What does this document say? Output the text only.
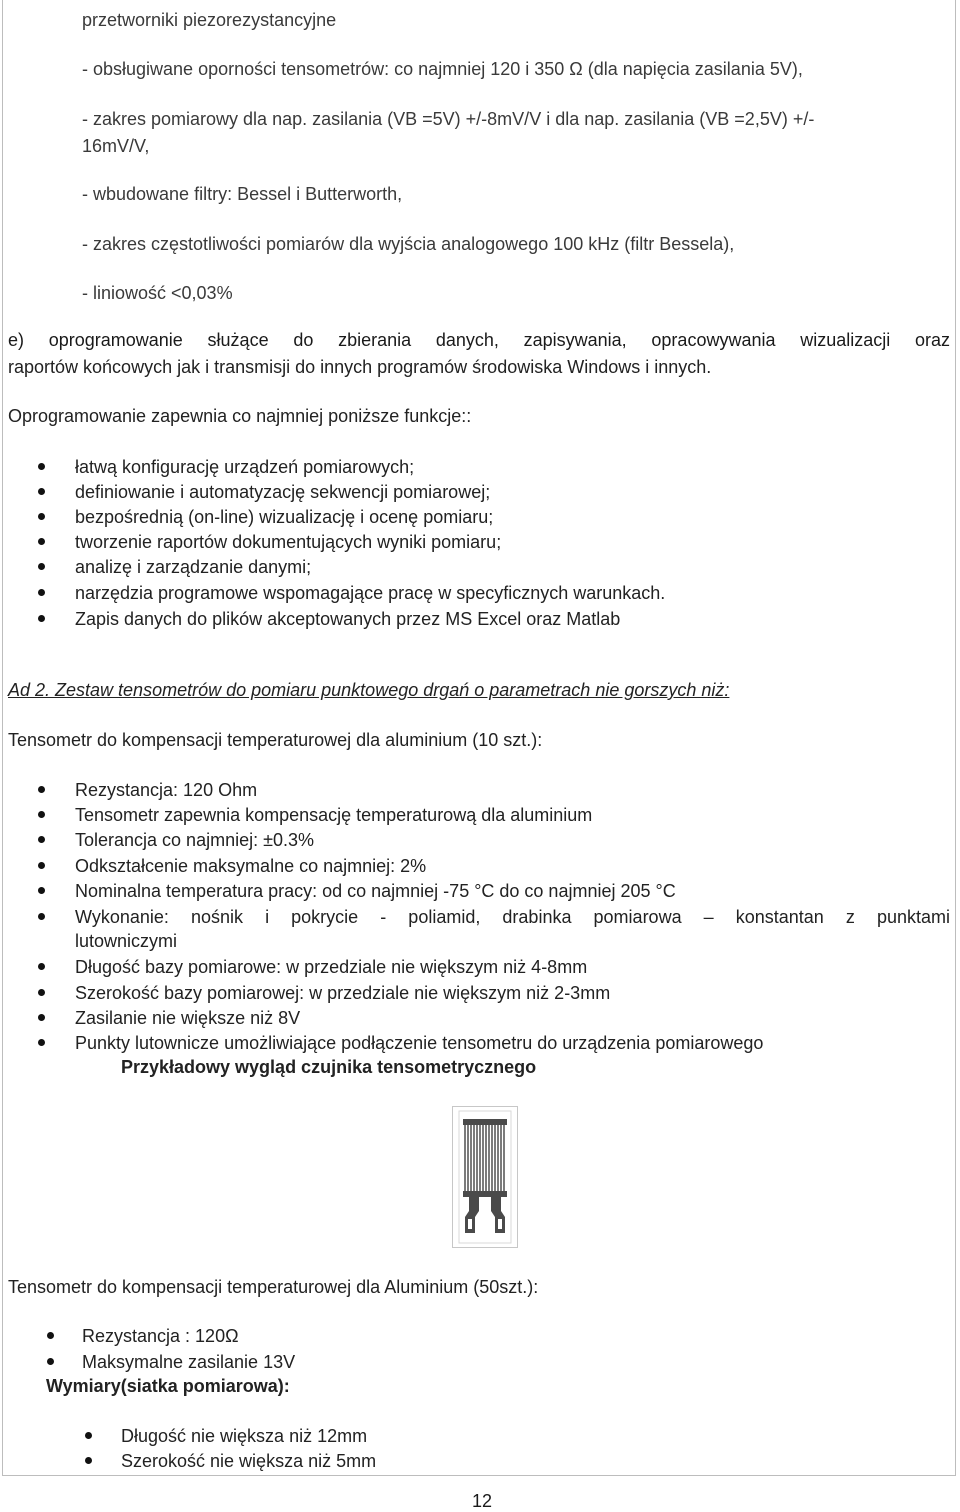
przetworniki piezorezystancyjne
- obsługiwane oporności tensometrów: co najmniej 120 i 350 Ω (dla napięcia zasilania 5V),
- zakres pomiarowy dla nap. zasilania (VB =5V) +/-8mV/V i dla nap. zasilania (VB =2,5V) +/-
16mV/V,
- wbudowane filtry: Bessel i Butterworth,
- zakres częstotliwości pomiarów dla wyjścia analogowego 100 kHz (filtr Bessela),
- liniowość <0,03%
e) oprogramowanie służące do zbierania danych, zapisywania, opracowywania wizualizacji oraz
raportów końcowych jak i transmisji do innych programów środowiska Windows i innych.
Oprogramowanie zapewnia co najmniej poniższe funkcje::
łatwą konfigurację urządzeń pomiarowych;
definiowanie i automatyzację sekwencji pomiarowej;
bezpośrednią (on-line) wizualizację i ocenę pomiaru;
tworzenie raportów dokumentujących wyniki pomiaru;
analizę i zarządzanie danymi;
narzędzia programowe wspomagające pracę w specyficznych warunkach.
Zapis danych do plików akceptowanych przez MS Excel oraz Matlab
Ad 2. Zestaw tensometrów do pomiaru punktowego drgań o parametrach nie gorszych niż:
Tensometr do kompensacji temperaturowej dla aluminium (10 szt.):
Rezystancja: 120 Ohm
Tensometr zapewnia kompensację temperaturową dla aluminium
Tolerancja co najmniej: ±0.3%
Odkształcenie maksymalne co najmniej: 2%
Nominalna temperatura pracy: od co najmniej -75 °C do co najmniej 205 °C
Wykonanie: nośnik i pokrycie - poliamid, drabinka pomiarowa – konstantan z punktami
lutowniczymi
Długość bazy pomiarowe: w przedziale nie większym niż 4-8mm
Szerokość bazy pomiarowej: w przedziale nie większym niż 2-3mm
Zasilanie nie większe niż 8V
Punkty lutownicze umożliwiające podłączenie tensometru do urządzenia pomiarowego
Przykładowy wygląd czujnika tensometrycznego
Tensometr do kompensacji temperaturowej dla Aluminium (50szt.):
Rezystancja : 120Ω
Maksymalne zasilanie 13V
Wymiary(siatka pomiarowa):
Długość nie większa niż 12mm
Szerokość nie większa niż 5mm
12
